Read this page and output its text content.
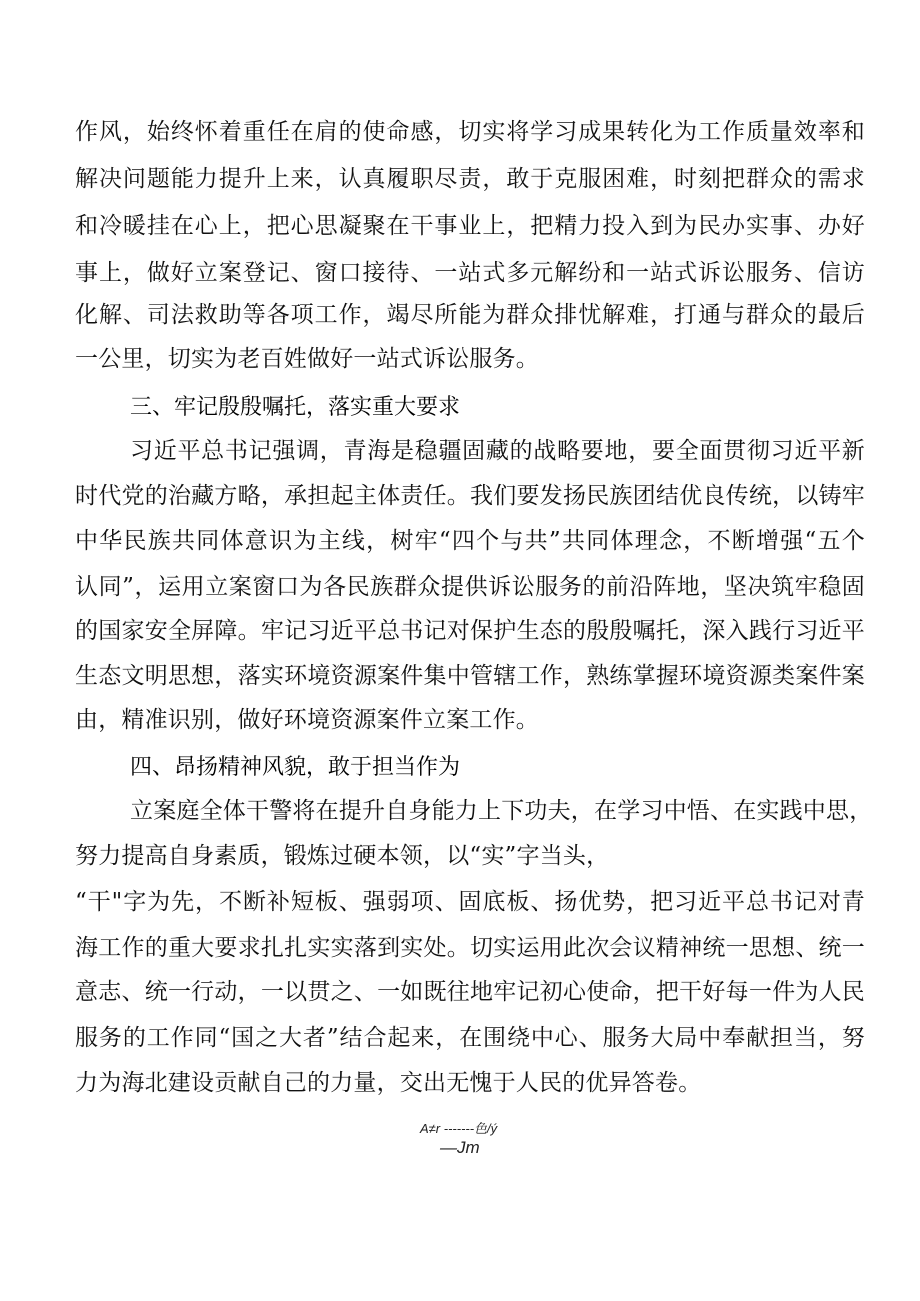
作风，始终怀着重任在肩的使命感，切实将学习成果转化为工作质量效率和
解决问题能力提升上来，认真履职尽责，敢于克服困难，时刻把群众的需求
和冷暖挂在心上，把心思凝聚在干事业上，把精力投入到为民办实事、办好
事上，做好立案登记、窗口接待、一站式多元解纷和一站式诉讼服务、信访
化解、司法救助等各项工作，竭尽所能为群众排忧解难，打通与群众的最后
一公里，切实为老百姓做好一站式诉讼服务。
三、牢记殷殷嘱托，落实重大要求
习近平总书记强调，青海是稳疆固藏的战略要地，要全面贯彻习近平新
时代党的治藏方略，承担起主体责任。我们要发扬民族团结优良传统，以铸牢
中华民族共同体意识为主线，树牢“四个与共”共同体理念，不断增强“五个
认同”，运用立案窗口为各民族群众提供诉讼服务的前沿阵地，坚决筑牢稳固
的国家安全屏障。牢记习近平总书记对保护生态的殷殷嘱托，深入践行习近平
生态文明思想，落实环境资源案件集中管辖工作，熟练掌握环境资源类案件案
由，精准识别，做好环境资源案件立案工作。
四、昂扬精神风貌，敢于担当作为
立案庭全体干警将在提升自身能力上下功夫，在学习中悟、在实践中思，
努力提高自身素质，锻炼过硬本领，以“实”字当头，
“干"字为先，不断补短板、强弱项、固底板、扬优势，把习近平总书记对青
海工作的重大要求扎扎实实落到实处。切实运用此次会议精神统一思想、统一
意志、统一行动，一以贯之、一如既往地牢记初心使命，把干好每一件为人民
服务的工作同“国之大者”结合起来，在围绕中心、服务大局中奉献担当，努
力为海北建设贡献自己的力量，交出无愧于人民的优异答卷。
A≠r -------色/ý
—Jm
